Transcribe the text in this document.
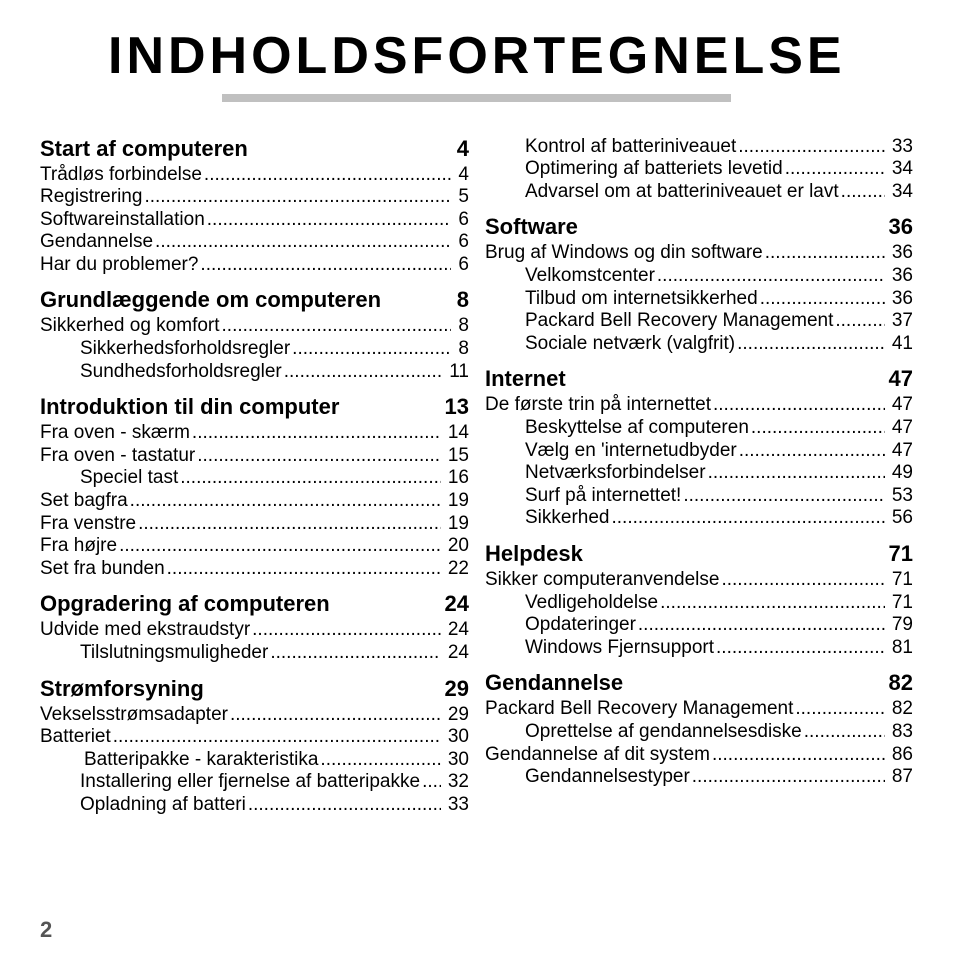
INDHOLDSFORTEGNELSE
Start af computeren	4
Trådløs forbindelse .....	4
Registrering .....	5
Softwareinstallation .....	6
Gendannelse .....	6
Har du problemer? .....	6
Grundlæggende om computeren	8
Sikkerhed og komfort .....	8
Sikkerhedsforholdsregler .....	8
Sundhedsforholdsregler .....	11
Introduktion til din computer	13
Fra oven - skærm .....	14
Fra oven - tastatur .....	15
Speciel tast .....	16
Set bagfra .....	19
Fra venstre .....	19
Fra højre .....	20
Set fra bunden .....	22
Opgradering af computeren	24
Udvide med ekstraudstyr .....	24
Tilslutningsmuligheder .....	24
Strømforsyning	29
Vekselsstrømsadapter .....	29
Batteriet .....	30
Batteripakke - karakteristika .....	30
Installering eller fjernelse af batteripakke ..... 32
Opladning af batteri .....	33
Kontrol af batteriniveauet .....	33
Optimering af batteriets levetid .....	34
Advarsel om at batteriniveauet er lavt .....	34
Software	36
Brug af Windows og din software .....	36
Velkomstcenter .....	36
Tilbud om internetsikkerhed .....	36
Packard Bell Recovery Management .....	37
Sociale netværk (valgfrit) .....	41
Internet	47
De første trin på internettet .....	47
Beskyttelse af computeren .....	47
Vælg en 'internetudbyder .....	47
Netværksforbindelser .....	49
Surf på internettet! .....	53
Sikkerhed .....	56
Helpdesk	71
Sikker computeranvendelse .....	71
Vedligeholdelse .....	71
Opdateringer .....	79
Windows Fjernsupport .....	81
Gendannelse	82
Packard Bell Recovery Management .....	82
Oprettelse af gendannelsesdiske .....	83
Gendannelse af dit system .....	86
Gendannelsestyper .....	87
2
